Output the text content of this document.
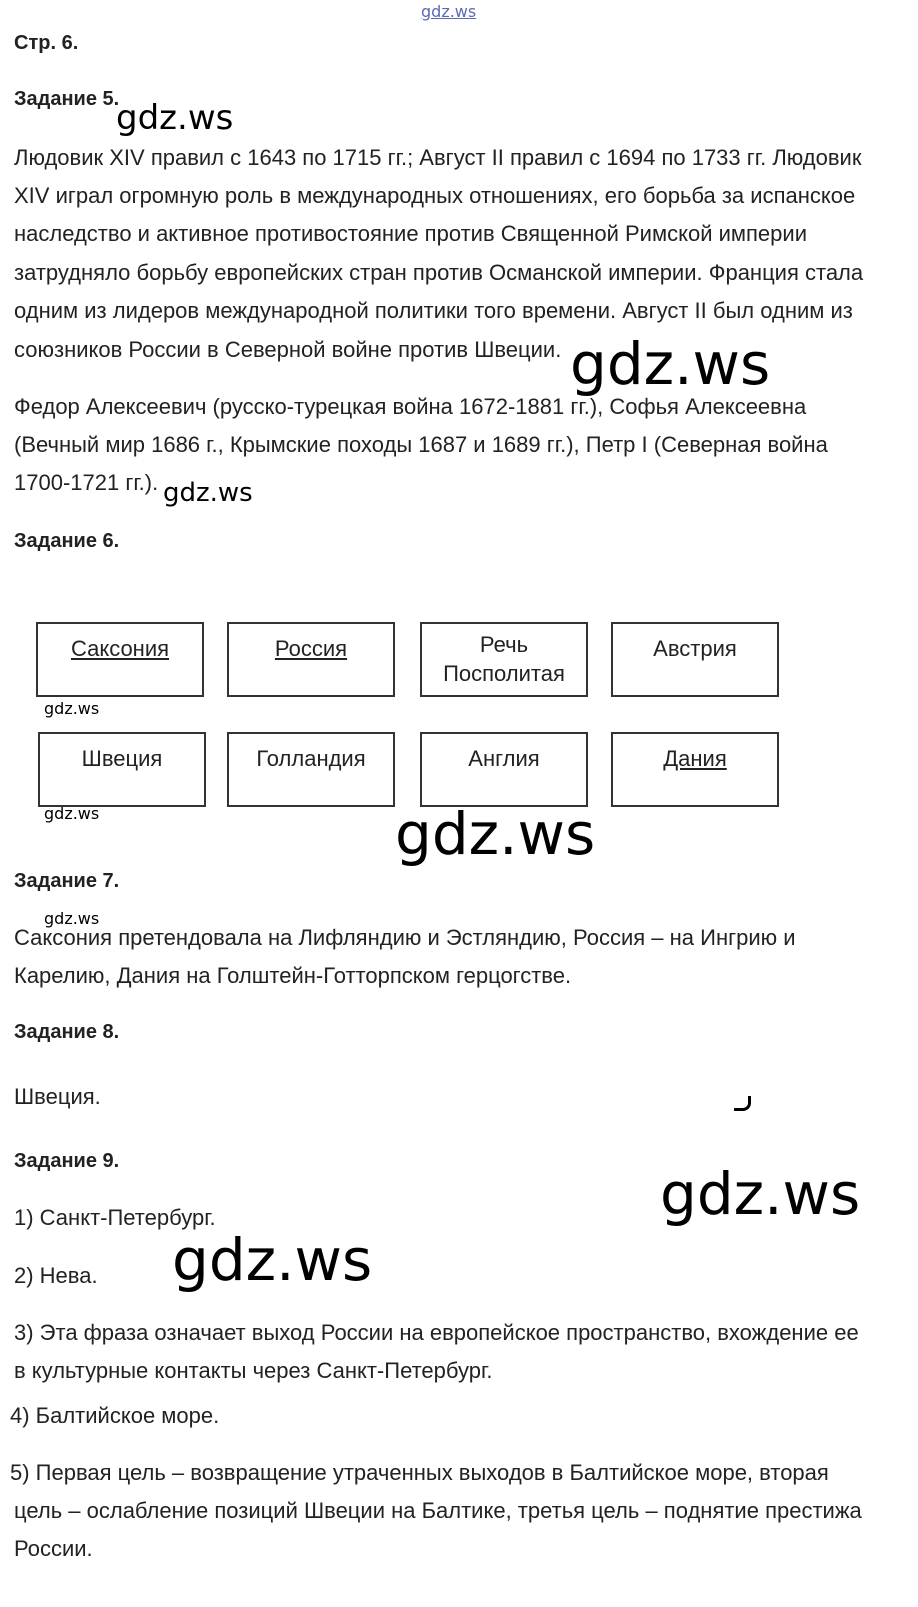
gdz.ws
Стр. 6.
Задание 5.
gdz.ws
Людовик XIV правил с 1643 по 1715 гг.; Август II правил с 1694 по 1733 гг. Людовик
XIV играл огромную роль в международных отношениях, его борьба за испанское
наследство и активное противостояние против Священной Римской империи
затрудняло борьбу европейских стран против Османской империи. Франция стала
одним из лидеров международной политики того времени. Август II был одним из
союзников России в Северной войне против Швеции. gdz.ws
Федор Алексеевич (русско-турецкая война 1672-1881 гг.), Софья Алексеевна
(Вечный мир 1686 г., Крымские походы 1687 и 1689 гг.), Петр I (Северная война
1700-1721 гг.). gdz.ws
Задание 6.
Саксония	Россия	Речь
Посполитая
Австрия
gdz.ws
Швеция	Голландия	Англия	Дания
gdz.ws	gdz.ws
Задание 7.
gdz.ws
Саксония претендовала на Лифляндию и Эстляндию, Россия – на Ингрию и
Карелию, Дания на Голштейн-Готторпском герцогстве.
Задание 8.
Швеция.
Задание 9.	gdz.ws
1) Санкт-Петербург.
gdz.ws
2) Нева.
3) Эта фраза означает выход России на европейское пространство, вхождение ее
в культурные контакты через Санкт-Петербург.
4) Балтийское море.
5) Первая цель – возвращение утраченных выходов в Балтийское море, вторая
цель – ослабление позиций Швеции на Балтике, третья цель – поднятие престижа
России.
